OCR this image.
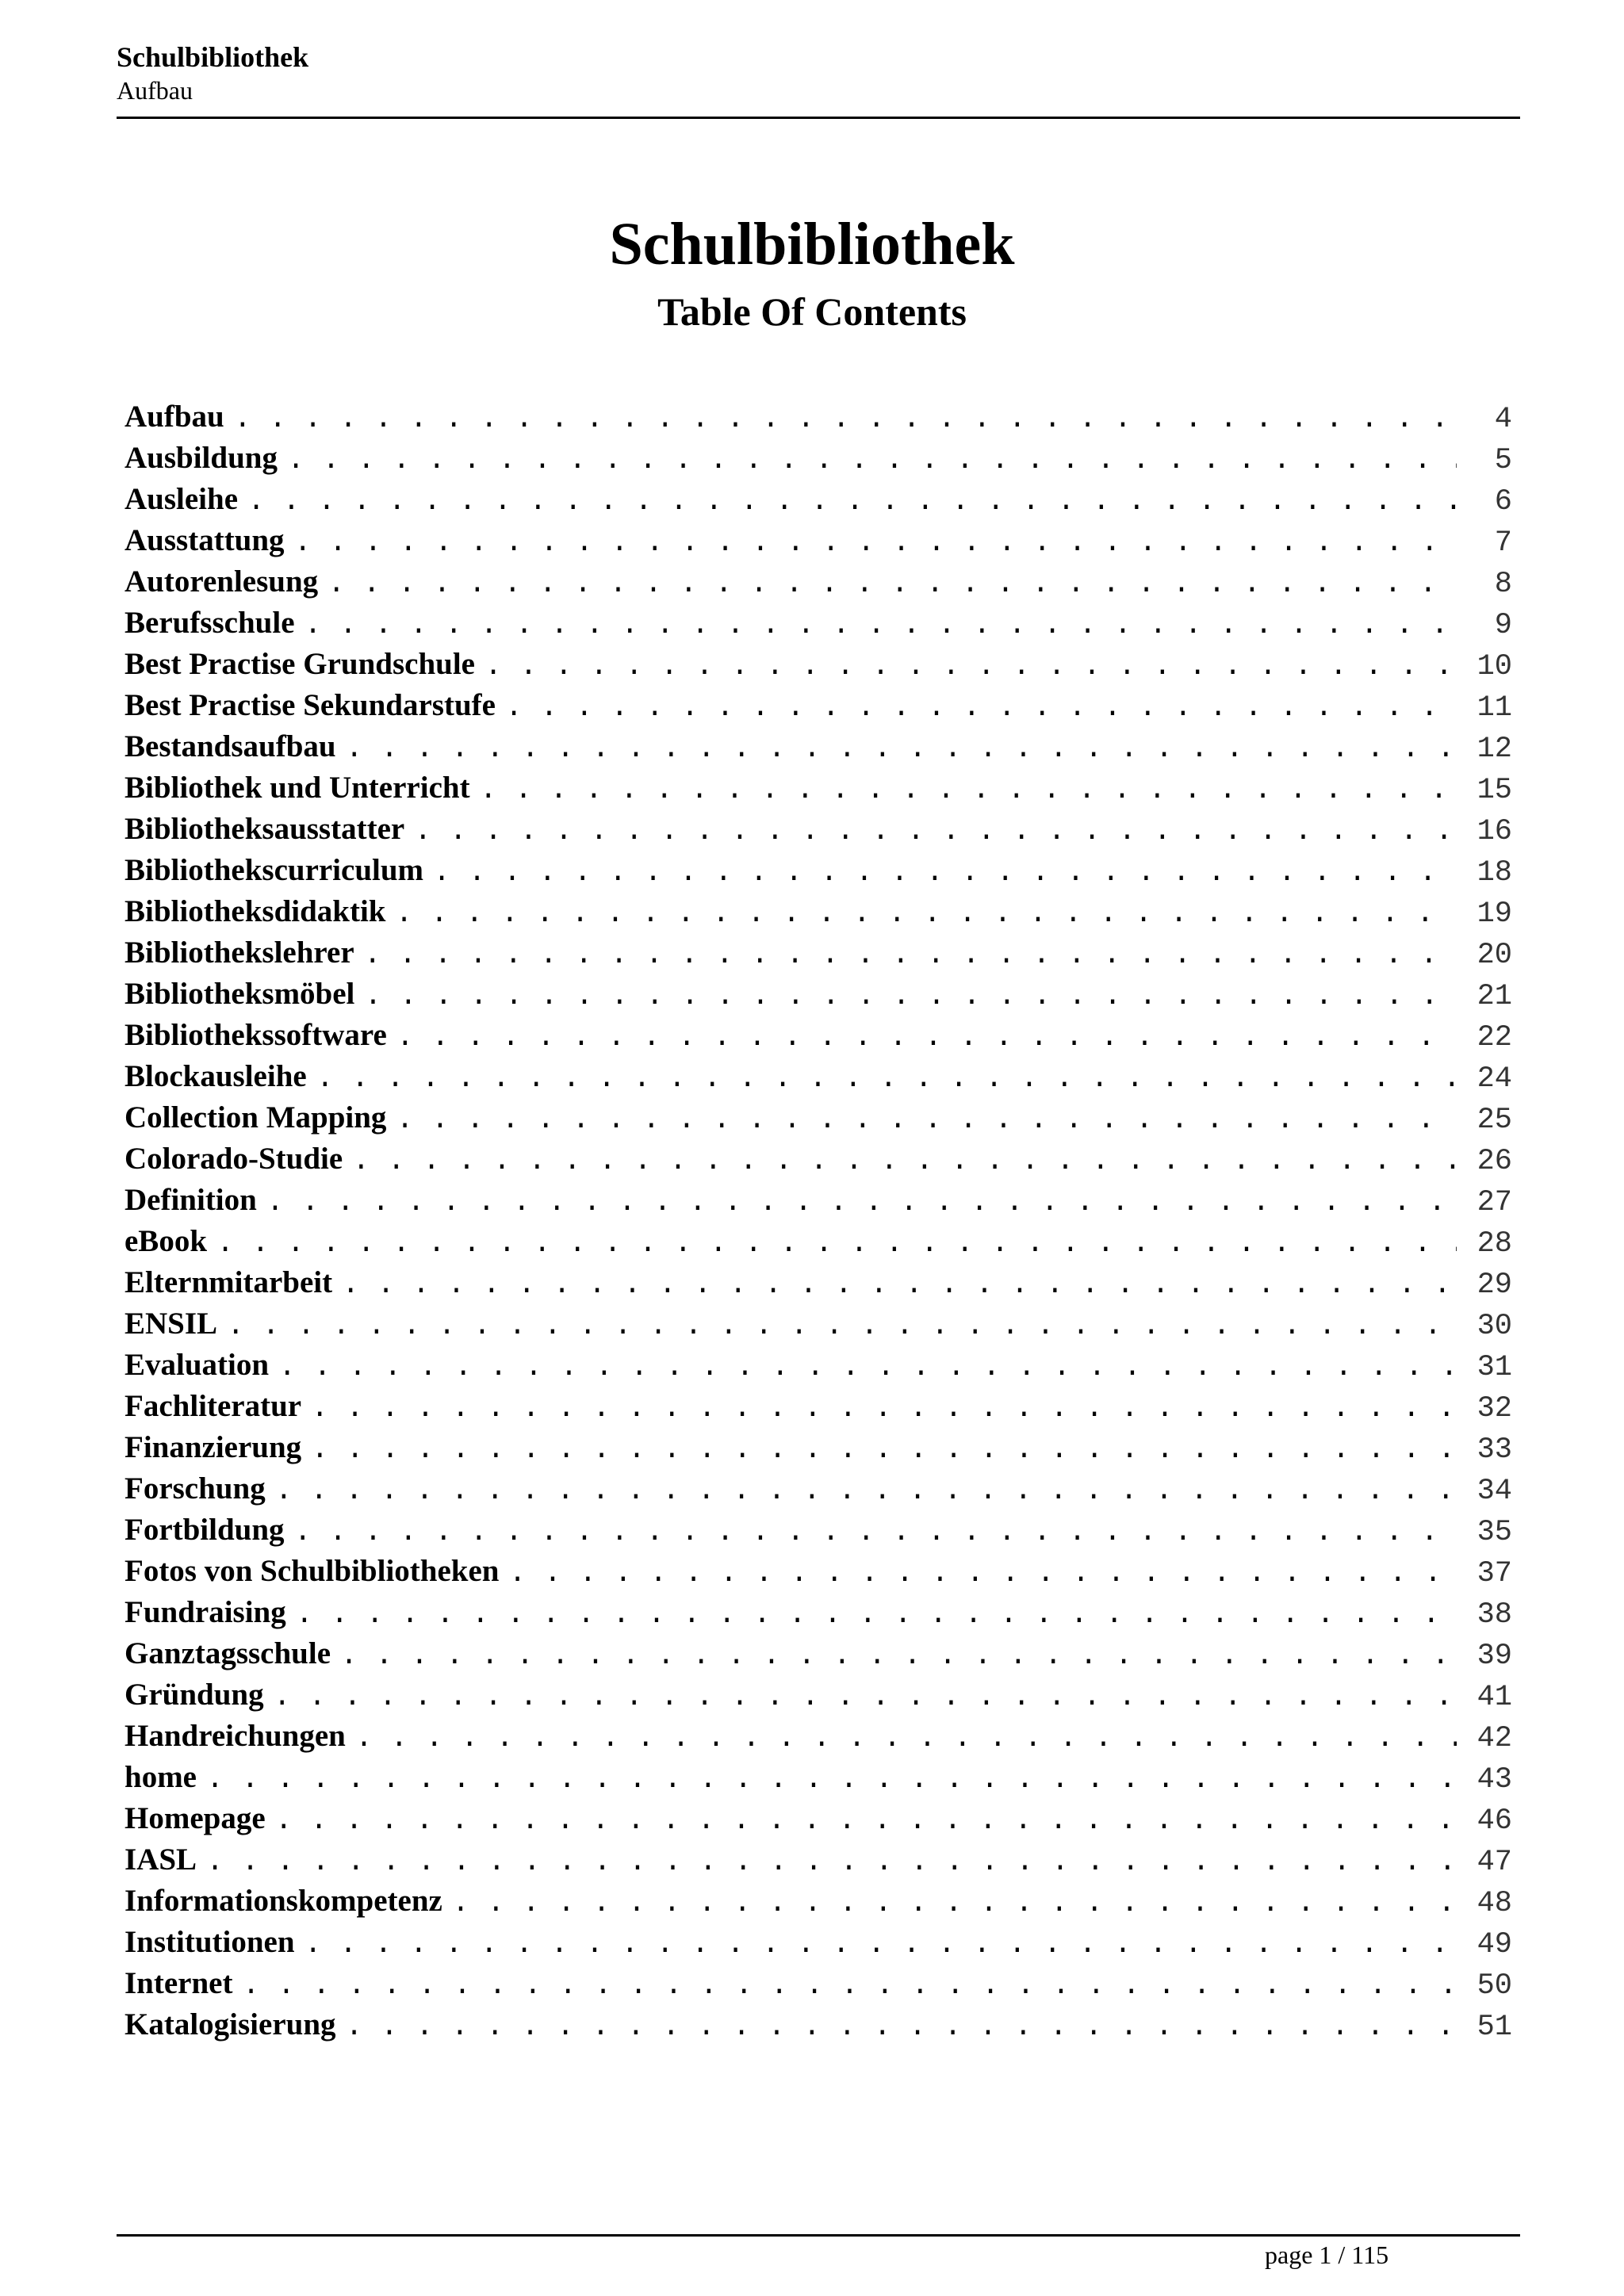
Schulbibliothek
Aufbau
Schulbibliothek
Table Of Contents
Aufbau . . .	4
Ausbildung . . .	5
Ausleihe . . .	6
Ausstattung . . .	7
Autorenlesung . . .	8
Berufsschule . . .	9
Best Practise Grundschule . . .	10
Best Practise Sekundarstufe . . .	11
Bestandsaufbau . . .	12
Bibliothek und Unterricht . . .	15
Bibliotheksausstatter . . .	16
Bibliothekscurriculum . . .	18
Bibliotheksdidaktik . . .	19
Bibliothekslehrer . . .	20
Bibliotheksmöbel . . .	21
Bibliothekssoftware . . .	22
Blockausleihe . . .	24
Collection Mapping . . .	25
Colorado-Studie . . .	26
Definition . . .	27
eBook . . .	28
Elternmitarbeit . . .	29
ENSIL . . .	30
Evaluation . . .	31
Fachliteratur . . .	32
Finanzierung . . .	33
Forschung . . .	34
Fortbildung . . .	35
Fotos von Schulbibliotheken . . .	37
Fundraising . . .	38
Ganztagsschule . . .	39
Gründung . . .	41
Handreichungen . . .	42
home . . .	43
Homepage . . .	46
IASL . . .	47
Informationskompetenz . . .	48
Institutionen . . .	49
Internet . . .	50
Katalogisierung . . .	51
page 1 / 115
